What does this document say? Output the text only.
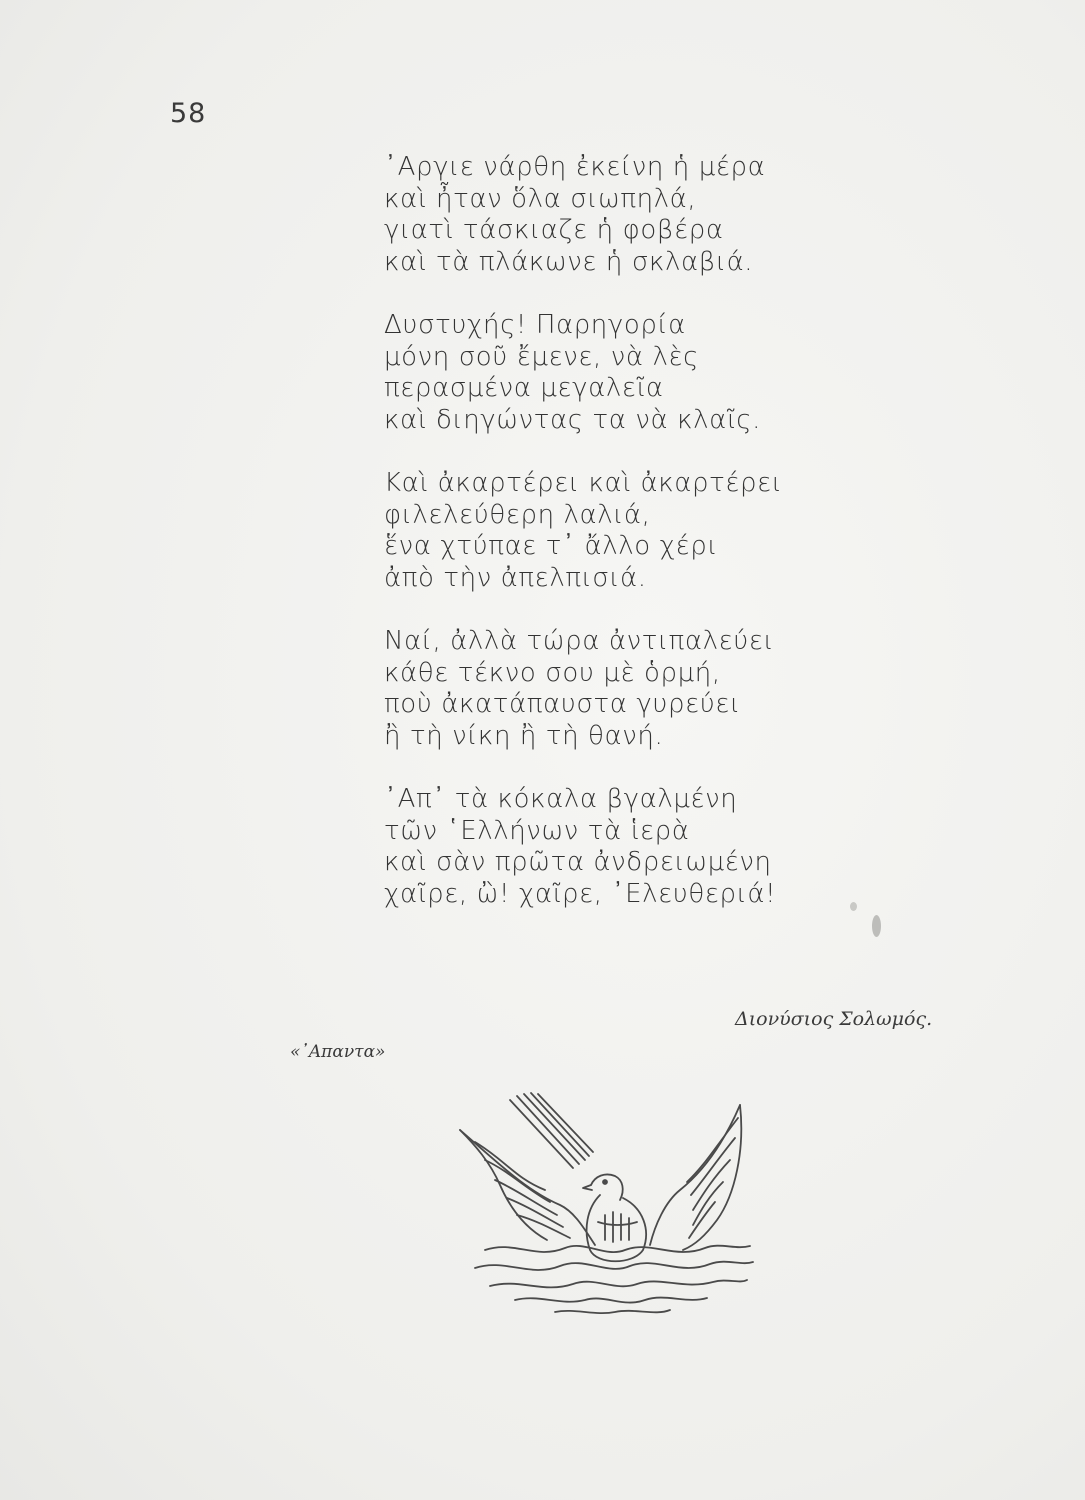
58
᾽Αργιε νάρθη ἐκείνη ἡ μέρα
καὶ ἦταν ὅλα σιωπηλά,
γιατὶ τάσκιαζε ἡ φοβέρα
καὶ τὰ πλάκωνε ἡ σκλαβιά.
Δυστυχής! Παρηγορία
μόνη σοῦ ἔμενε, νὰ λὲς
περασμένα μεγαλεῖα
καὶ διηγώντας τα νὰ κλαῖς.
Καὶ ἀκαρτέρει καὶ ἀκαρτέρει
φιλελεύθερη λαλιά,
ἕνα χτύπαε τ᾽ ἄλλο χέρι
ἀπὸ τὴν ἀπελπισιά.
Ναί, ἀλλὰ τώρα ἀντιπαλεύει
κάθε τέκνο σου μὲ ὁρμή,
ποὺ ἀκατάπαυστα γυρεύει
ἢ τὴ νίκη ἢ τὴ θανή.
᾽Απ᾽ τὰ κόκαλα βγαλμένη
τῶν ῾Ελλήνων τὰ ἱερὰ
καὶ σὰν πρῶτα ἀνδρειωμένη
χαῖρε, ὢ! χαῖρε, ᾽Ελευθεριά!
Διονύσιος Σολωμός.
«᾽Απαντα»
